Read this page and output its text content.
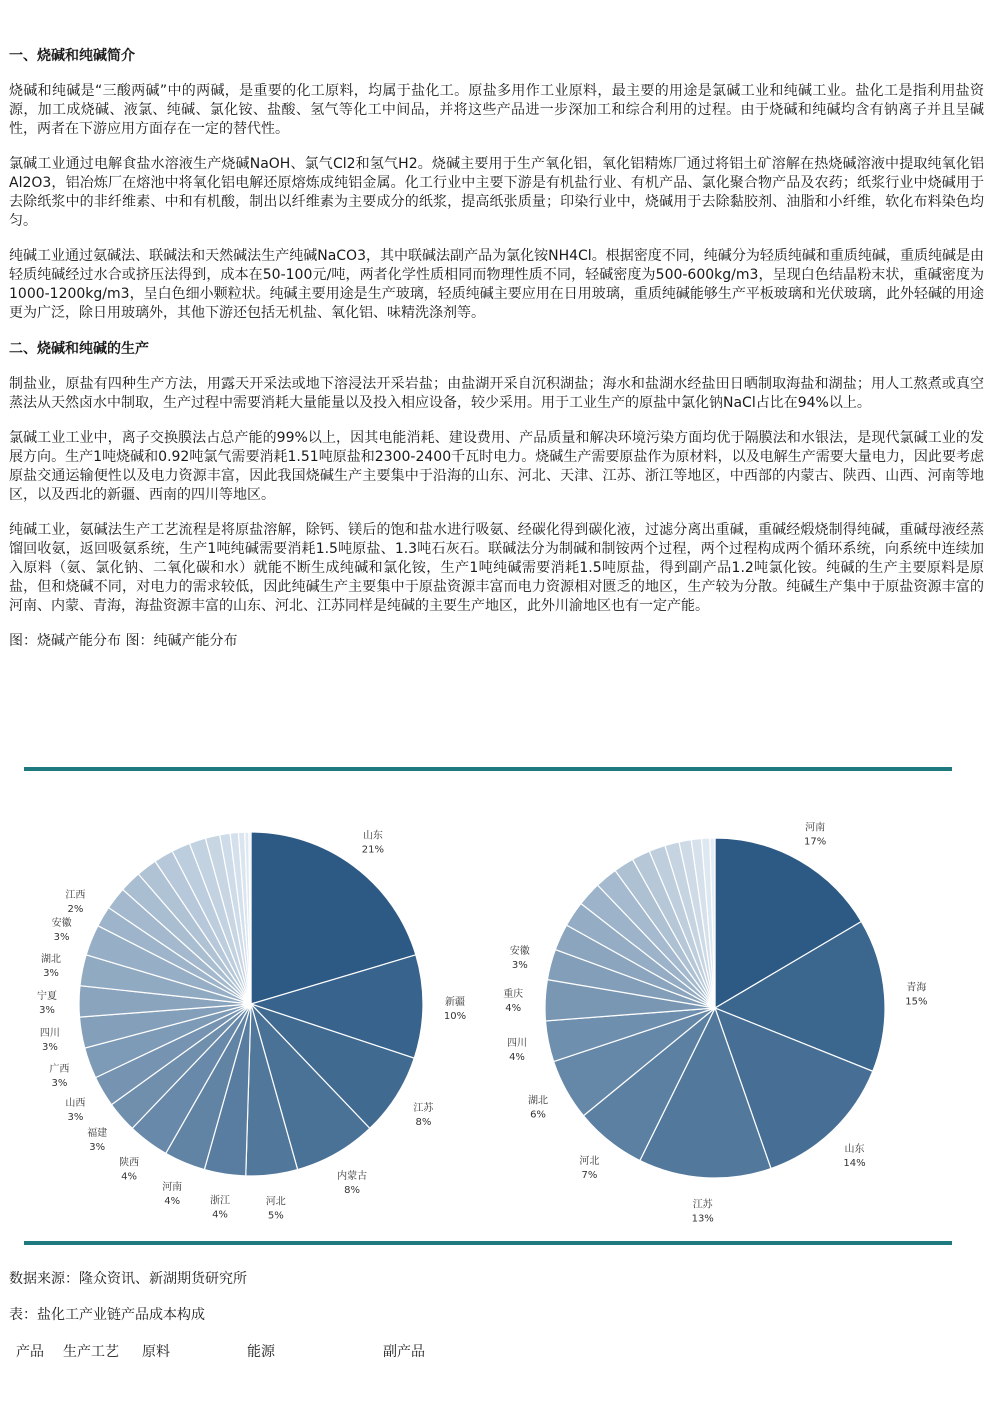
一、烧碱和纯碱简介
烧碱和纯碱是“三酸两碱”中的两碱，是重要的化工原料，均属于盐化工。原盐多用作工业原料，最主要的用途是氯碱工业和纯碱工业。盐化工是指利用盐资源，加工成烧碱、液氯、纯碱、氯化铵、盐酸、氢气等化工中间品，并将这些产品进一步深加工和综合利用的过程。由于烧碱和纯碱均含有钠离子并且呈碱性，两者在下游应用方面存在一定的替代性。
氯碱工业通过电解食盐水溶液生产烧碱NaOH、氯气Cl2和氢气H2。烧碱主要用于生产氧化铝，氧化铝精炼厂通过将铝土矿溶解在热烧碱溶液中提取纯氧化铝Al2O3，铝冶炼厂在熔池中将氧化铝电解还原熔炼成纯铝金属。化工行业中主要下游是有机盐行业、有机产品、氯化聚合物产品及农药；纸浆行业中烧碱用于去除纸浆中的非纤维素、中和有机酸，制出以纤维素为主要成分的纸浆，提高纸张质量；印染行业中，烧碱用于去除黏胶剂、油脂和小纤维，软化布料染色均匀。
纯碱工业通过氨碱法、联碱法和天然碱法生产纯碱NaCO3，其中联碱法副产品为氯化铵NH4Cl。根据密度不同，纯碱分为轻质纯碱和重质纯碱，重质纯碱是由轻质纯碱经过水合或挤压法得到，成本在50-100元/吨，两者化学性质相同而物理性质不同，轻碱密度为500-600kg/m3，呈现白色结晶粉末状，重碱密度为1000-1200kg/m3，呈白色细小颗粒状。纯碱主要用途是生产玻璃，轻质纯碱主要应用在日用玻璃，重质纯碱能够生产平板玻璃和光伏玻璃，此外轻碱的用途更为广泛，除日用玻璃外，其他下游还包括无机盐、氧化铝、味精洗涤剂等。
二、烧碱和纯碱的生产
制盐业，原盐有四种生产方法，用露天开采法或地下溶浸法开采岩盐；由盐湖开采自沉积湖盐；海水和盐湖水经盐田日晒制取海盐和湖盐；用人工熬煮或真空蒸法从天然卤水中制取，生产过程中需要消耗大量能量以及投入相应设备，较少采用。用于工业生产的原盐中氯化钠NaCl占比在94%以上。
氯碱工业工业中，离子交换膜法占总产能的99%以上，因其电能消耗、建设费用、产品质量和解决环境污染方面均优于隔膜法和水银法，是现代氯碱工业的发展方向。生产1吨烧碱和0.92吨氯气需要消耗1.51吨原盐和2300-2400千瓦时电力。烧碱生产需要原盐作为原材料，以及电解生产需要大量电力，因此要考虑原盐交通运输便性以及电力资源丰富，因此我国烧碱生产主要集中于沿海的山东、河北、天津、江苏、浙江等地区，中西部的内蒙古、陕西、山西、河南等地区，以及西北的新疆、西南的四川等地区。
纯碱工业，氨碱法生产工艺流程是将原盐溶解，除钙、镁后的饱和盐水进行吸氨、经碳化得到碳化液，过滤分离出重碱，重碱经煅烧制得纯碱，重碱母液经蒸馏回收氨，返回吸氨系统，生产1吨纯碱需要消耗1.5吨原盐、1.3吨石灰石。联碱法分为制碱和制铵两个过程，两个过程构成两个循环系统，向系统中连续加入原料（氨、氯化钠、二氧化碳和水）就能不断生成纯碱和氯化铵，生产1吨纯碱需要消耗1.5吨原盐，得到副产品1.2吨氯化铵。纯碱的生产主要原料是原盐，但和烧碱不同，对电力的需求较低，因此纯碱生产主要集中于原盐资源丰富而电力资源相对匮乏的地区，生产较为分散。纯碱生产集中于原盐资源丰富的河南、内蒙、青海，海盐资源丰富的山东、河北、江苏同样是纯碱的主要生产地区，此外川渝地区也有一定产能。
图：烧碱产能分布 图：纯碱产能分布
山东
21%
新疆
10%
江苏
8%
内蒙古
8%
河北
5%
浙江
4%
河南
4%
陕西
4%
福建
3%
山西
3%
广西
3%
四川
3%
宁夏
3%
湖北
3%
安徽
3%
江西
2%
河南
17%
青海
15%
山东
14%
江苏
13%
河北
7%
湖北
6%
四川
4%
重庆
4%
安徽
3%
数据来源：隆众资讯、新湖期货研究所
表：盐化工产业链产品成本构成
产品 生产工艺 原料	能源	副产品
